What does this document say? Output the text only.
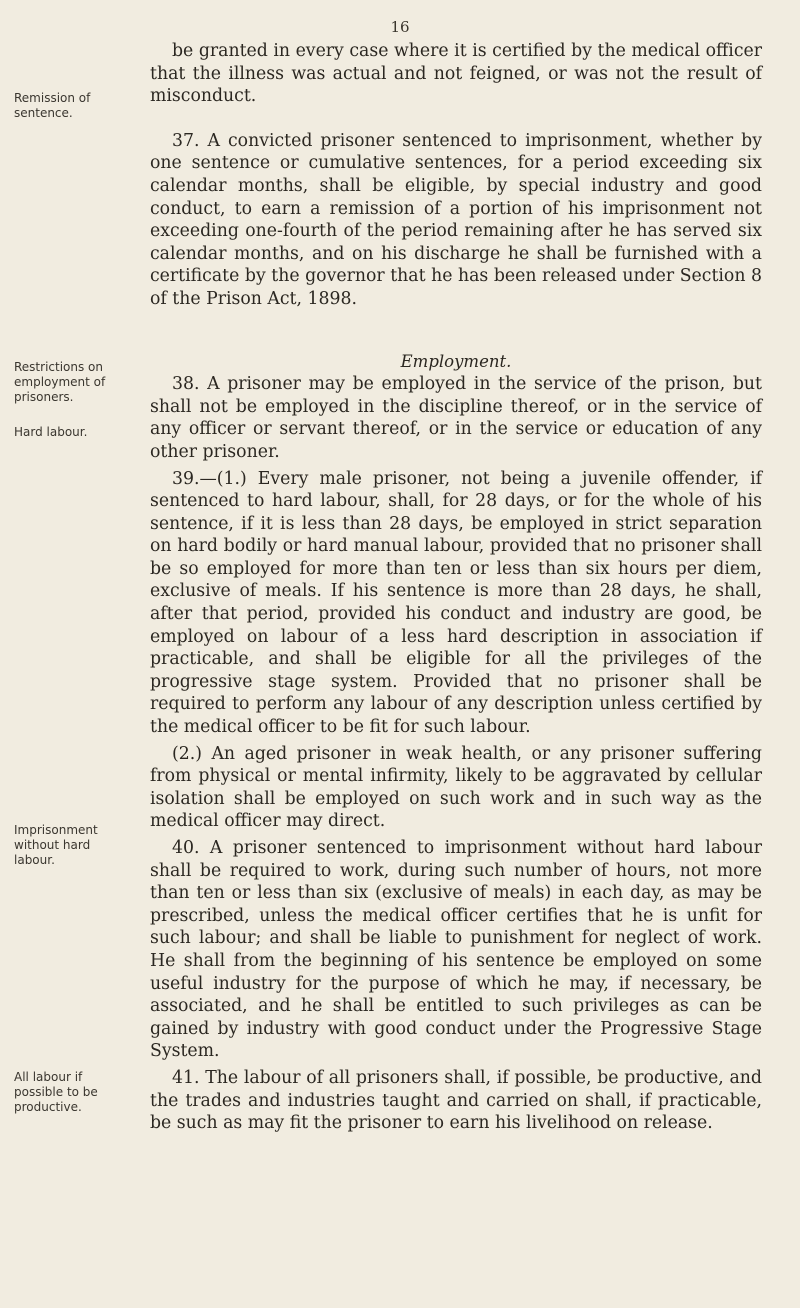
16
Remission of sentence.
Restrictions on employment of prisoners.
Hard labour.
Imprisonment without hard labour.
All labour if possible to be productive.

be granted in every case where it is certified by the medical officer that the illness was actual and not feigned, or was not the result of misconduct.

37. A convicted prisoner sentenced to imprisonment, whether by one sentence or cumulative sentences, for a period exceeding six calendar months, shall be eligible, by special industry and good conduct, to earn a remission of a portion of his imprisonment not exceeding one-fourth of the period remaining after he has served six calendar months, and on his discharge he shall be furnished with a certificate by the governor that he has been released under Section 8 of the Prison Act, 1898.

Employment.

38. A prisoner may be employed in the service of the prison, but shall not be employed in the discipline thereof, or in the service of any officer or servant thereof, or in the service or education of any other prisoner.

39.—(1.) Every male prisoner, not being a juvenile offender, if sentenced to hard labour, shall, for 28 days, or for the whole of his sentence, if it is less than 28 days, be employed in strict separation on hard bodily or hard manual labour, provided that no prisoner shall be so employed for more than ten or less than six hours per diem, exclusive of meals. If his sentence is more than 28 days, he shall, after that period, provided his conduct and industry are good, be employed on labour of a less hard description in association if practicable, and shall be eligible for all the privileges of the progressive stage system. Provided that no prisoner shall be required to perform any labour of any description unless certified by the medical officer to be fit for such labour.

(2.) An aged prisoner in weak health, or any prisoner suffering from physical or mental infirmity, likely to be aggravated by cellular isolation shall be employed on such work and in such way as the medical officer may direct.

40. A prisoner sentenced to imprisonment without hard labour shall be required to work, during such number of hours, not more than ten or less than six (exclusive of meals) in each day, as may be prescribed, unless the medical officer certifies that he is unfit for such labour; and shall be liable to punishment for neglect of work. He shall from the beginning of his sentence be employed on some useful industry for the purpose of which he may, if necessary, be associated, and he shall be entitled to such privileges as can be gained by industry with good conduct under the Progressive Stage System.

41. The labour of all prisoners shall, if possible, be productive, and the trades and industries taught and carried on shall, if practicable, be such as may fit the prisoner to earn his livelihood on release.
